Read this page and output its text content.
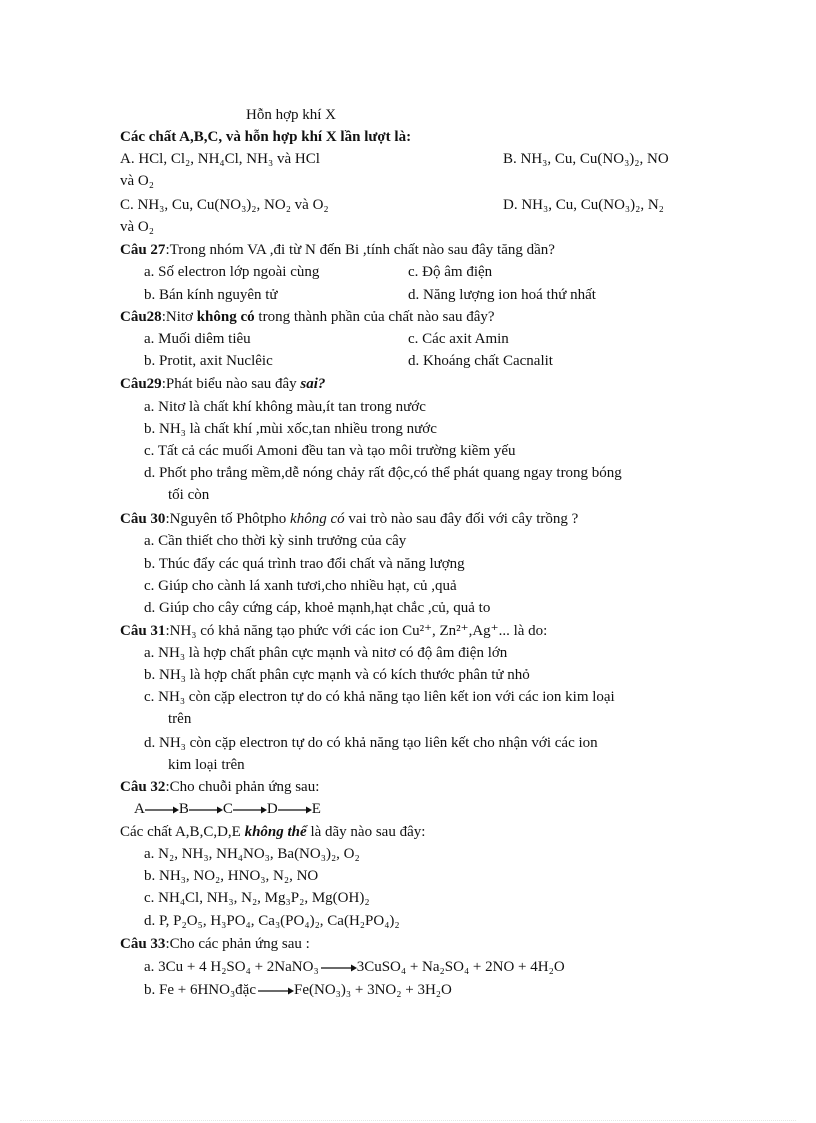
Hỗn hợp khí X
Các chất A,B,C, và hỗn hợp khí X lần lượt là:
A. HCl, Cl₂, NH₄Cl, NH₃ và HCl	B. NH₃, Cu, Cu(NO₃)₂, NO
và O₂
C. NH₃, Cu, Cu(NO₃)₂, NO₂ và O₂	D. NH₃, Cu, Cu(NO₃)₂, N₂
và O₂
Câu 27:Trong nhóm VA ,đi từ N đến Bi ,tính chất nào sau đây tăng dần?
a. Số electron lớp ngoài cùng	c. Độ âm điện
b. Bán kính nguyên tử	d. Năng lượng ion hoá thứ nhất
Câu28:Nitơ không có trong thành phần của chất nào sau đây?
a. Muối diêm tiêu	c. Các axit Amin
b. Protit, axit Nuclêic	d. Khoáng chất Cacnalit
Câu29:Phát biểu nào sau đây sai?
a. Nitơ là chất khí không màu,ít tan trong nước
b. NH₃ là chất khí ,mùi xốc,tan nhiều trong nước
c. Tất cả các muối Amoni đều tan và tạo môi trường kiềm yếu
d. Phốt pho trắng mềm,dễ nóng chảy rất độc,có thể phát quang ngay trong bóng
tối còn
Câu 30:Nguyên tố Phôtpho không có vai trò nào sau đây đối với cây trồng ?
a. Cần thiết cho thời kỳ sinh trưởng của cây
b. Thúc đẩy các quá trình trao đổi chất và năng lượng
c. Giúp cho cành lá xanh tươi,cho nhiều hạt, củ ,quả
d. Giúp cho cây cứng cáp, khoẻ mạnh,hạt chắc ,củ, quả to
Câu 31:NH₃ có khả năng tạo phức với các ion Cu²⁺, Zn²⁺,Ag⁺... là do:
a. NH₃ là hợp chất phân cực mạnh và nitơ có độ âm điện lớn
b. NH₃ là hợp chất phân cực mạnh và có kích thước phân tử nhỏ
c. NH₃ còn cặp electron tự do có khả năng tạo liên kết ion với các ion kim loại
trên
d. NH₃ còn cặp electron tự do có khả năng tạo liên kết cho nhận với các ion
kim loại trên
Câu 32:Cho chuỗi phản ứng sau:
A B C D E
Các chất A,B,C,D,E không thể là dãy nào sau đây:
a. N₂, NH₃, NH₄NO₃, Ba(NO₃)₂, O₂
b. NH₃, NO₂, HNO₃, N₂, NO
c. NH₄Cl, NH₃, N₂, Mg₃P₂, Mg(OH)₂
d. P, P₂O₅, H₃PO₄, Ca₃(PO₄)₂, Ca(H₂PO₄)₂
Câu 33:Cho các phản ứng sau :
a. 3Cu + 4 H₂SO₄ + 2NaNO₃	3CuSO₄ + Na₂SO₄ + 2NO + 4H₂O
b. Fe + 6HNO₃đặc	Fe(NO₃)₃ + 3NO₂ + 3H₂O
